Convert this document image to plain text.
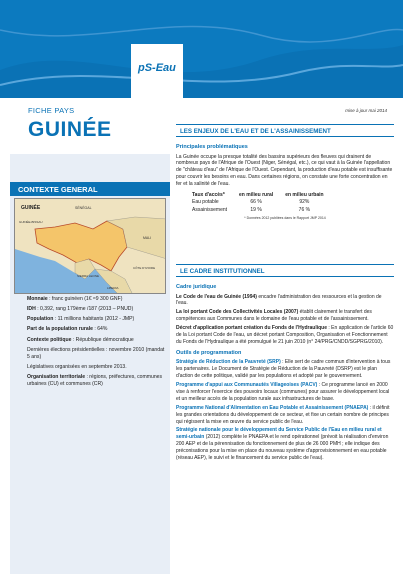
pS-Eau
FICHE PAYS
GUINÉE
mise à jour mai 2014
CONTEXTE GENERAL
GUINÉE	SÉNÉGAL
MALI
GUINÉE-BISSAU
SIERRA LEONE
LIBERIA
CÔTE D'IVOIRE

Monnaie : franc guinéen (1€ ≈9 300 GNF)

IDH : 0,392, rang 179ème /187 (2013 – PNUD)

Population : 11 millions habitants (2012 - JMP)

Part de la population rurale : 64%

Contexte politique : République démocratique

Dernières élections présidentielles : novembre 2010 (mandat 5 ans)

Législatives organisées en septembre 2013.

Organisation territoriale : régions, préfectures, communes urbaines (CU) et communes (CR)

LES ENJEUX DE L'EAU ET DE L'ASSAINISSEMENT
Principales problématiques

La Guinée occupe la presque totalité des bassins supérieurs des fleuves qui drainent de nombreux pays de l'Afrique de l'Ouest (Niger, Sénégal, etc.), ce qui vaut à la Guinée l'appellation de "château d'eau" de l'Afrique de l'Ouest. Cependant, la production d'eau potable est insuffisante pour couvrir les besoins en eau. Dans certaines régions, on constate une forte concentration en fer et la salinité de l'eau.

Taux d'accès*	en milieu rural	en milieu urbain
Eau potable	66 %	92%
Assainissement	19 %	76 %
* Données 2012 publiées dans le Rapport JMP 2014
LE CADRE INSTITUTIONNEL
Cadre juridique

Le Code de l'eau de Guinée (1994) encadre l'administration des ressources et la gestion de l'eau.

La loi portant Code des Collectivités Locales (2007) établit clairement le transfert des compétences aux Communes dans le domaine de l'eau potable et de l'assainissement.

Décret d'application portant création du Fonds de l'Hydraulique : En application de l'article 60 de la Loi portant Code de l'eau, un décret portant Composition, Organisation et Fonctionnement du Fonds de l'Hydraulique a été promulgué le 21 juin 2010 (n° 24/PRG/CNDD/SGPRG/2010).

Outils de programmation

Stratégie de Réduction de la Pauvreté (SRP) : Elle sert de cadre commun d'intervention à tous les partenaires. Le Document de Stratégie de Réduction de la Pauvreté (DSRP) est le plan d'action de cette politique, validé par les populations et adopté par le gouvernement.

Programme d'appui aux Communautés Villageoises (PACV) : Ce programme lancé en 2000 vise à renforcer l'exercice des pouvoirs locaux (communes) pour assurer le développement local et un meilleur accès de la population rurale aux infrastructures de base.

Programme National d'Alimentation en Eau Potable et Assainissement (PNAEPA) : il définit les grandes orientations du développement de ce secteur, et fixe un certain nombre de principes qui régissent la mise en œuvre du service public de l'eau.

Stratégie nationale pour le développement du Service Public de l'Eau en milieu rural et semi-urbain (2012) complète le PNAEPA et le rend opérationnel (prévoit la réalisation d'environ 200 AEP et de la pérennisation du fonctionnement de plus de 26 000 PMH ; elle indique des préconisations pour la mise en place du nouveau système d'approvisionnement en eau potable (réseau AEP), le suivi et le financement du service public de l'eau).
